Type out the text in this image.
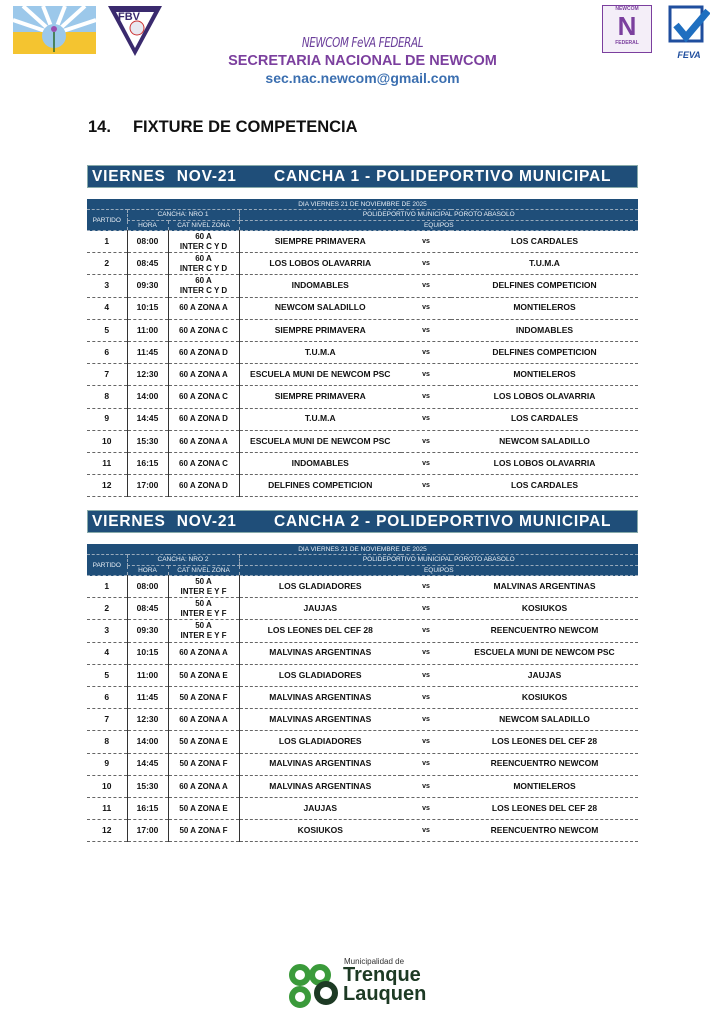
FBV
NEWCOM
N
FEDERAL
FEVA
NEWCOM FeVA FEDERAL
SECRETARIA NACIONAL DE NEWCOM
sec.nac.newcom@gmail.com
14. FIXTURE DE COMPETENCIA
VIERNES NOV-21	CANCHA 1 - POLIDEPORTIVO MUNICIPAL
DIA VIERNES 21 DE NOVIEMBRE DE 2025					
PARTIDO	CANCHA: NRO 1		POLIDEPORTIVO MUNICIPAL POROTO ABASOLO		
	HORA	CAT NIVEL ZONA	EQUIPOS		
1	08:00	60 A
INTER C Y D	SIEMPRE PRIMAVERA	vs	LOS CARDALES
2	08:45	60 A
INTER C Y D	LOS LOBOS OLAVARRIA	vs	T.U.M.A
3	09:30	60 A
INTER C Y D	INDOMABLES	vs	DELFINES COMPETICION
4	10:15	60 A ZONA A	NEWCOM SALADILLO	vs	MONTIELEROS
5	11:00	60 A ZONA C	SIEMPRE PRIMAVERA	vs	INDOMABLES
6	11:45	60 A ZONA D	T.U.M.A	vs	DELFINES COMPETICION
7	12:30	60 A ZONA A	ESCUELA MUNI DE NEWCOM PSC	vs	MONTIELEROS
8	14:00	60 A ZONA C	SIEMPRE PRIMAVERA	vs	LOS LOBOS OLAVARRIA
9	14:45	60 A ZONA D	T.U.M.A	vs	LOS CARDALES
10	15:30	60 A ZONA A	ESCUELA MUNI DE NEWCOM PSC	vs	NEWCOM SALADILLO
11	16:15	60 A ZONA C	INDOMABLES	vs	LOS LOBOS OLAVARRIA
12	17:00	60 A ZONA D	DELFINES COMPETICION	vs	LOS CARDALES
VIERNES NOV-21	CANCHA 2 - POLIDEPORTIVO MUNICIPAL
DIA VIERNES 21 DE NOVIEMBRE DE 2025					
PARTIDO	CANCHA: NRO 2		POLIDEPORTIVO MUNICIPAL POROTO ABASOLO		
	HORA	CAT NIVEL ZONA	EQUIPOS		
1	08:00	50 A
INTER E Y F	LOS GLADIADORES	vs	MALVINAS ARGENTINAS
2	08:45	50 A
INTER E Y F	JAUJAS	vs	KOSIUKOS
3	09:30	50 A
INTER E Y F	LOS LEONES DEL CEF 28	vs	REENCUENTRO NEWCOM
4	10:15	60 A ZONA A	MALVINAS ARGENTINAS	vs	ESCUELA MUNI DE NEWCOM PSC
5	11:00	50 A ZONA E	LOS GLADIADORES	vs	JAUJAS
6	11:45	50 A ZONA F	MALVINAS ARGENTINAS	vs	KOSIUKOS
7	12:30	60 A ZONA A	MALVINAS ARGENTINAS	vs	NEWCOM SALADILLO
8	14:00	50 A ZONA E	LOS GLADIADORES	vs	LOS LEONES DEL CEF 28
9	14:45	50 A ZONA F	MALVINAS ARGENTINAS	vs	REENCUENTRO NEWCOM
10	15:30	60 A ZONA A	MALVINAS ARGENTINAS	vs	MONTIELEROS
11	16:15	50 A ZONA E	JAUJAS	vs	LOS LEONES DEL CEF 28
12	17:00	50 A ZONA F	KOSIUKOS	vs	REENCUENTRO NEWCOM
Municipalidad de
Trenque
Lauquen
